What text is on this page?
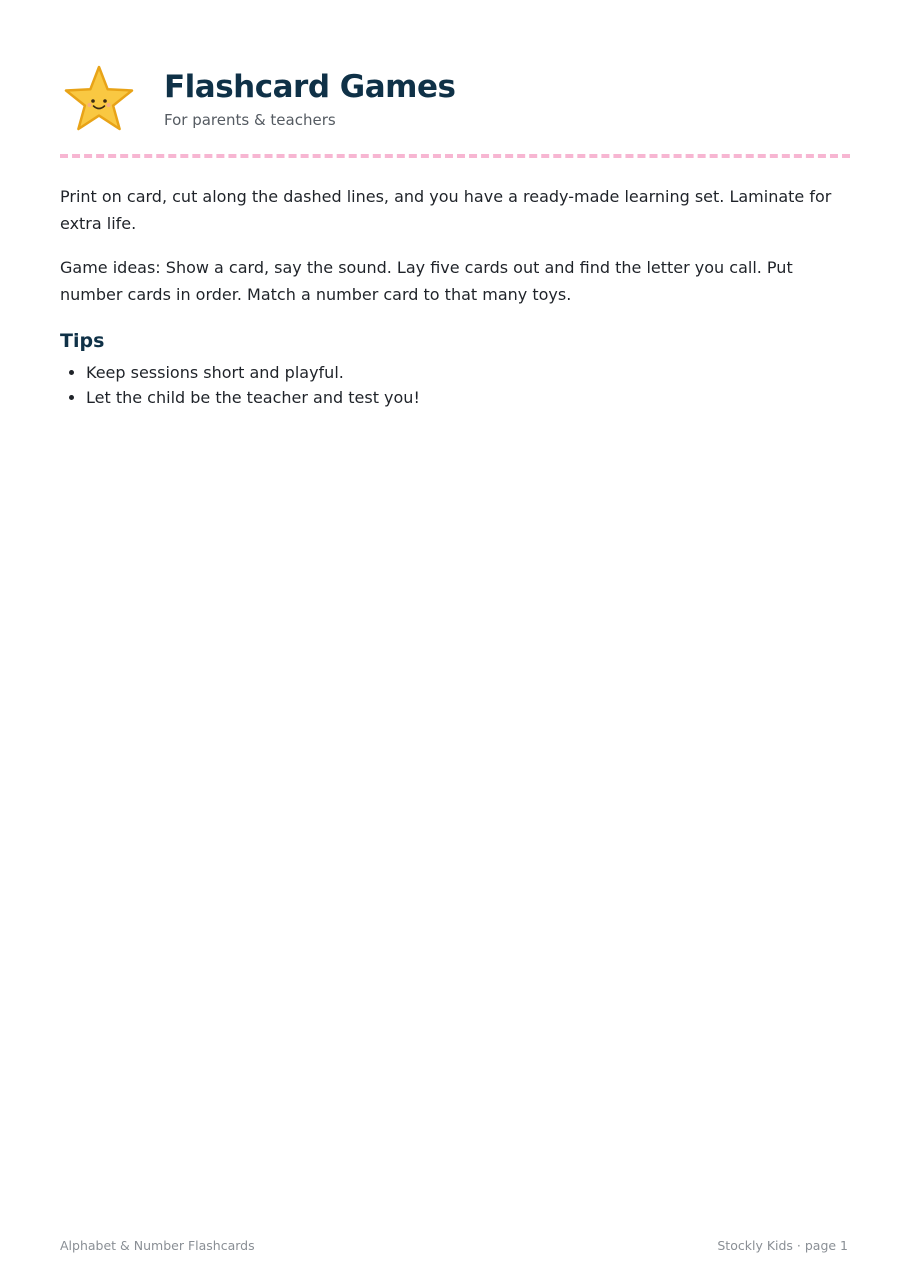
Flashcard Games

For parents & teachers

Print on card, cut along the dashed lines, and you have a ready-made learning set. Laminate for extra life.

Game ideas: Show a card, say the sound. Lay five cards out and find the letter you call. Put number cards in order. Match a number card to that many toys.

Tips
• Keep sessions short and playful.
• Let the child be the teacher and test you!
Alphabet & Number Flashcards	Stockly Kids · page 1
